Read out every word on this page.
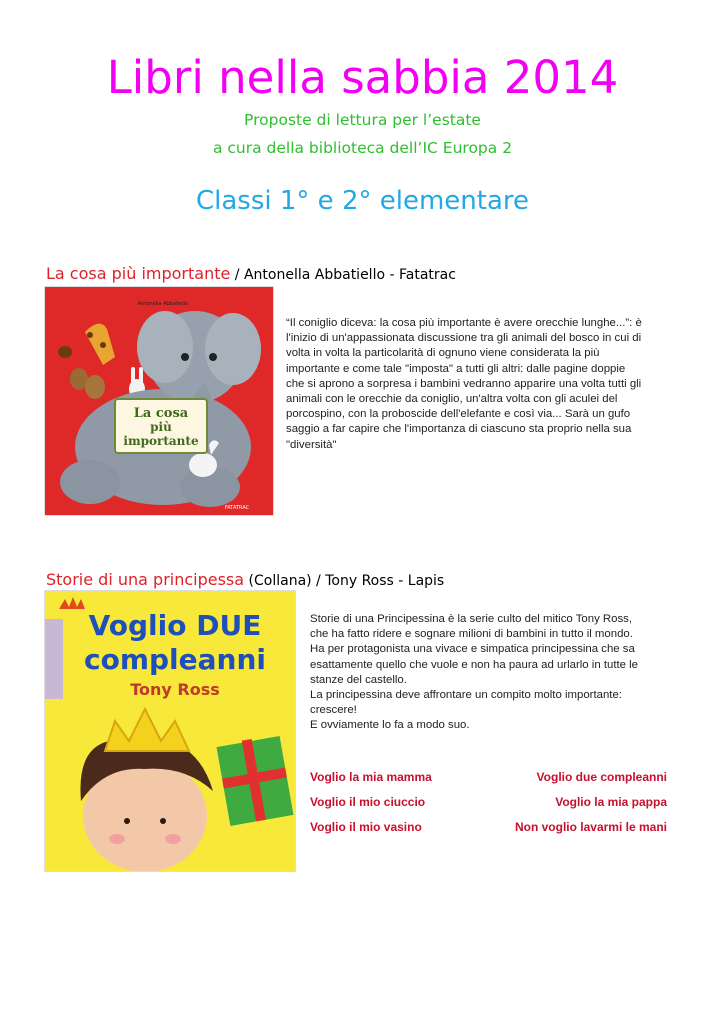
Libri nella sabbia 2014
Proposte di lettura per l’estate
a cura della biblioteca dell’IC Europa 2
Classi 1° e 2° elementare
La cosa più importante / Antonella Abbatiello - Fatatrac
La cosa
più
importante
Antonella Abbatiello
FATATRAC
“Il coniglio diceva: la cosa più importante è avere orecchie lunghe...”: è l'inizio di un'appassionata discussione tra gli animali del bosco in cui di volta in volta la particolarità di ognuno viene considerata la più importante e come tale "imposta" a tutti gli altri: dalle pagine doppie che si aprono a sorpresa i bambini vedranno apparire una volta tutti gli animali con le orecchie da coniglio, un'altra volta con gli aculei del porcospino, con la proboscide dell'elefante e così via... Sarà un gufo saggio a far capire che l'importanza di ciascuno sta proprio nella sua "diversità"
Storie di una principessa (Collana) / Tony Ross - Lapis
Voglio DUE
compleanni
Tony Ross
Storie di una Principessina è la serie culto del mitico Tony Ross, che ha fatto ridere e sognare milioni di bambini in tutto il mondo.
Ha per protagonista una vivace e simpatica principessina che sa esattamente quello che vuole e non ha paura ad urlarlo in tutte le stanze del castello.
La principessina deve affrontare un compito molto importante: crescere!
E ovviamente lo fa a modo suo.
Voglio la mia mamma	Voglio due compleanni
Voglio il mio ciuccio	Voglio la mia pappa
Voglio il mio vasino	Non voglio lavarmi le mani
